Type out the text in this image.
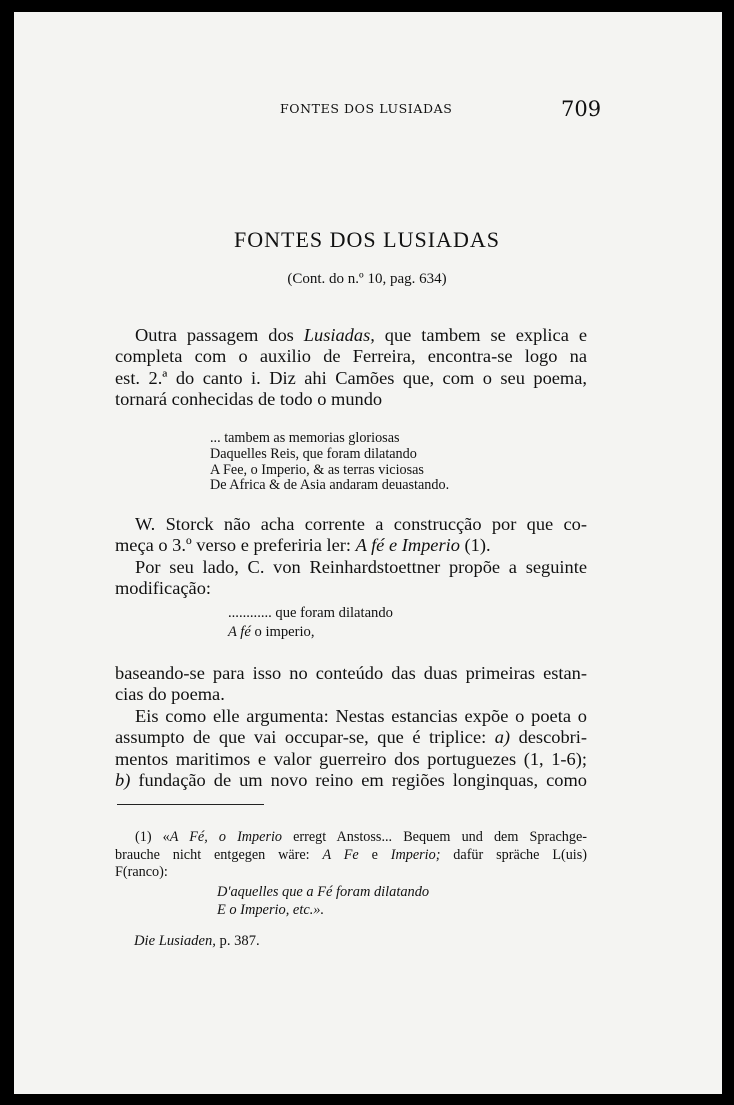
FONTES DOS LUSIADAS	709
FONTES DOS LUSIADAS
(Cont. do n.º 10, pag. 634)
Outra passagem dos Lusiadas, que tambem se explica e
completa com o auxilio de Ferreira, encontra-se logo na
est. 2.ª do canto i. Diz ahi Camões que, com o seu poema,
tornará conhecidas de todo o mundo
... tambem as memorias gloriosas
Daquelles Reis, que foram dilatando
A Fee, o Imperio, & as terras viciosas
De Africa & de Asia andaram deuastando.
W. Storck não acha corrente a construcção por que co-
meça o 3.º verso e preferiria ler: A fé e Imperio (1).
Por seu lado, C. von Reinhardstoettner propõe a seguinte
modificação:
............ que foram dilatando
A fé o imperio,
baseando-se para isso no conteúdo das duas primeiras estan-
cias do poema.
Eis como elle argumenta: Nestas estancias expõe o poeta o
assumpto de que vai occupar-se, que é triplice: a) descobri-
mentos maritimos e valor guerreiro dos portuguezes (1, 1-6);
b) fundação de um novo reino em regiões longinquas, como
(1) «A Fé, o Imperio erregt Anstoss... Bequem und dem Sprachge-
brauche nicht entgegen wäre: A Fe e Imperio; dafür spräche L(uis)
F(ranco):
D'aquelles que a Fé foram dilatando
E o Imperio, etc.».
Die Lusiaden, p. 387.
